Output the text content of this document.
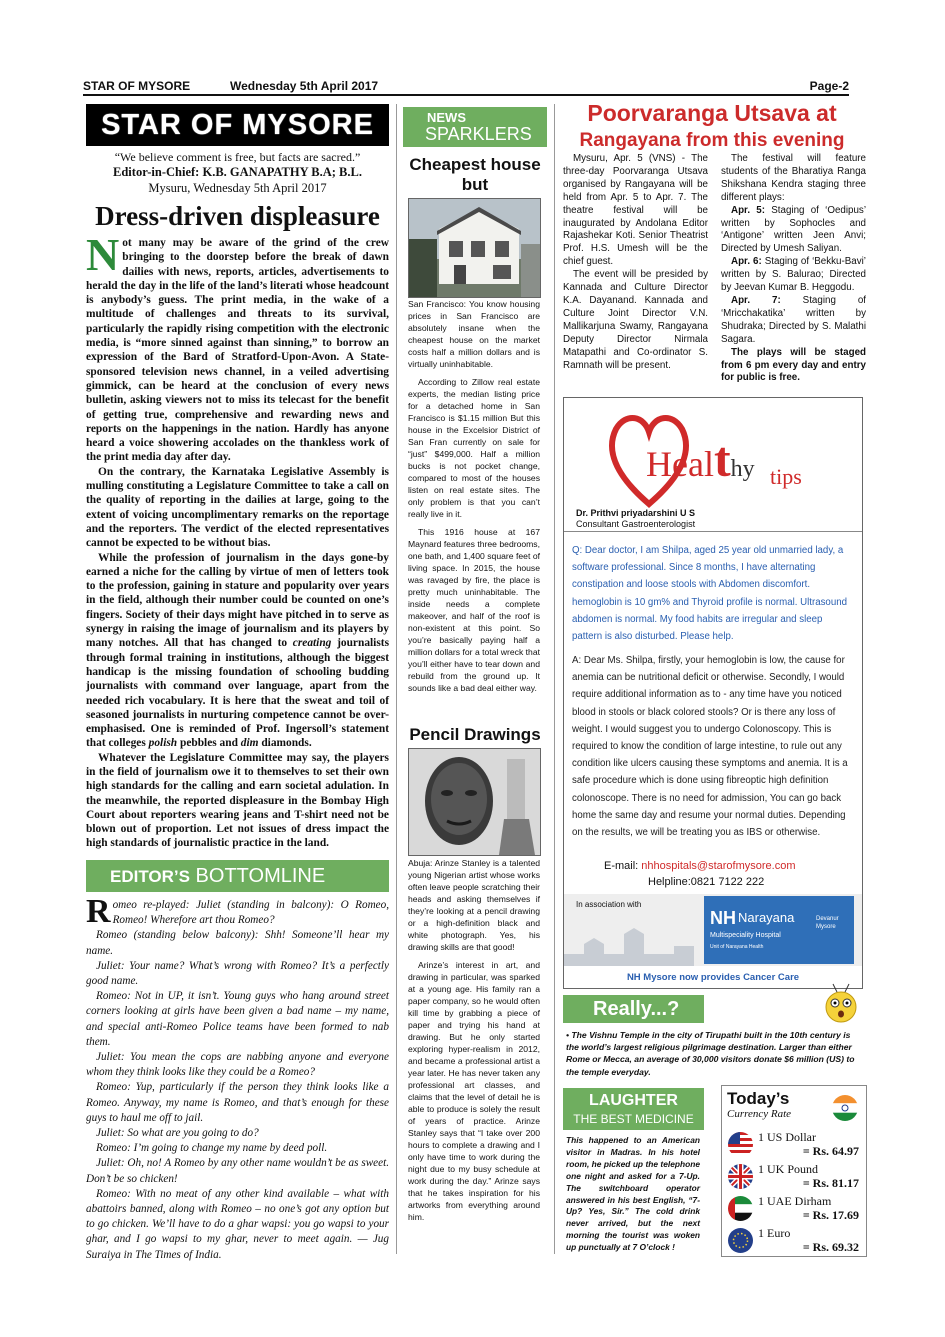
STAR OF MYSORE	Wednesday 5th April 2017	Page-2
STAR OF MYSORE
“We believe comment is free, but facts are sacred.”
Editor-in-Chief: K.B. GANAPATHY B.A; B.L.
Mysuru, Wednesday 5th April 2017
Dress-driven displeasure

Not many may be aware of the grind of the crew bringing to the doorstep before the break of dawn dailies with news, reports, articles, advertisements to herald the day in the life of the land’s literati whose headcount is anybody’s guess. The print media, in the wake of a multitude of challenges and threats to its survival, particularly the rapidly rising competition with the electronic media, is “more sinned against than sinning,” to borrow an expression of the Bard of Stratford-Upon-Avon. A State-sponsored television news channel, in a veiled advertising gimmick, can be heard at the conclusion of every news bulletin, asking viewers not to miss its telecast for the benefit of getting true, comprehensive and rewarding news and reports on the happenings in the nation. Hardly has anyone heard a voice showering accolades on the thankless work of the print media day after day.

On the contrary, the Karnataka Legislative Assembly is mulling constituting a Legislature Committee to take a call on the quality of reporting in the dailies at large, going to the extent of voicing uncomplimentary remarks on the reportage and the reporters. The verdict of the elected representatives cannot be expected to be without bias.

While the profession of journalism in the days gone-by earned a niche for the calling by virtue of men of letters took to the profession, gaining in stature and popularity over years in the field, although their number could be counted on one’s fingers. Society of their days might have pitched in to serve as synergy in raising the image of journalism and its players by many notches. All that has changed to creating journalists through formal training in institutions, although the biggest handicap is the missing foundation of schooling budding journalists with command over language, apart from the needed rich vocabulary. It is here that the sweat and toil of seasoned journalists in nurturing competence cannot be over-emphasised. One is reminded of Prof. Ingersoll’s statement that colleges polish pebbles and dim diamonds.

Whatever the Legislature Committee may say, the players in the field of journalism owe it to themselves to set their own high standards for the calling and earn societal adulation. In the meanwhile, the reported displeasure in the Bombay High Court about reporters wearing jeans and T-shirt need not be blown out of proportion. Let not issues of dress impact the high standards of journalistic practice in the land.

EDITOR’S BOTTOMLINE

Romeo re-played: Juliet (standing in balcony): O Romeo, Romeo! Wherefore art thou Romeo?

Romeo (standing below balcony): Shh! Someone’ll hear my name.

Juliet: Your name? What’s wrong with Romeo? It’s a perfectly good name.

Romeo: Not in UP, it isn’t. Young guys who hang around street corners looking at girls have been given a bad name – my name, and special anti-Romeo Police teams have been formed to nab them.

Juliet: You mean the cops are nabbing anyone and everyone whom they think looks like they could be a Romeo?

Romeo: Yup, particularly if the person they think looks like a Romeo. Anyway, my name is Romeo, and that’s enough for these guys to haul me off to jail.

Juliet: So what are you going to do?

Romeo: I’m going to change my name by deed poll.

Juliet: Oh, no! A Romeo by any other name wouldn’t be as sweet. Don’t be so chicken!

Romeo: With no meat of any other kind available – what with abattoirs banned, along with Romeo – no one’s got any option but to go chicken. We’ll have to do a ghar wapsi: you go wapsi to your ghar, and I go wapsi to my ghar, never to meet again. — Jug Suraiya in The Times of India.

NEWS
SPARKLERS
Cheapest house but

San Francisco: You know housing prices in San Francisco are absolutely insane when the cheapest house on the market costs half a million dollars and is virtually uninhabitable.

According to Zillow real estate experts, the median listing price for a detached home in San Francisco is $1.15 million But this house in the Excelsior District of San Fran currently on sale for “just” $499,000. Half a million bucks is not pocket change, compared to most of the houses listen on real estate sites. The only problem is that you can’t really live in it.

This 1916 house at 167 Maynard features three bedrooms, one bath, and 1,400 square feet of living space. In 2015, the house was ravaged by fire, the place is pretty much uninhabitable. The inside needs a complete makeover, and half of the roof is non-existent at this point. So you’re basically paying half a million dollars for a total wreck that you’ll either have to tear down and rebuild from the ground up. It sounds like a bad deal either way.

Pencil Drawings

Abuja: Arinze Stanley is a talented young Nigerian artist whose works often leave people scratching their heads and asking themselves if they’re looking at a pencil drawing or a high-definition black and white photograph. Yes, his drawing skills are that good!

Arinze’s interest in art, and drawing in particular, was sparked at a young age. His family ran a paper company, so he would often kill time by grabbing a piece of paper and trying his hand at drawing. But he only started exploring hyper-realism in 2012, and became a professional artist a year later. He has never taken any professional art classes, and claims that the level of detail he is able to produce is solely the result of years of practice. Arinze Stanley says that “I take over 200 hours to complete a drawing and I only have time to work during the night due to my busy schedule at work during the day.” Arinze says that he takes inspiration for his artworks from everything around him.

Poorvaranga Utsava at
Rangayana from this evening

Mysuru, Apr. 5 (VNS) - The three-day Poorvaranga Utsava organised by Rangayana will be held from Apr. 5 to Apr. 7. The theatre festival will be inaugurated by Andolana Editor Rajashekar Koti. Senior Theatrist Prof. H.S. Umesh will be the chief guest.

The event will be presided by Kannada and Culture Director K.A. Dayanand. Kannada and Culture Joint Director V.N. Mallikarjuna Swamy, Rangayana Deputy Director Nirmala Matapathi and Co-ordinator S. Ramnath will be present.

The festival will feature students of the Bharatiya Ranga Shikshana Kendra staging three different plays:

Apr. 5: Staging of ‘Oedipus’ written by Sophocles and ‘Antigone’ written Jeen Anvi; Directed by Umesh Saliyan.

Apr. 6: Staging of ‘Bekku-Bavi’ written by S. Balurao; Directed by Jeevan Kumar B. Heggodu.

Apr. 7: Staging of ‘Mricchakatika’ written by Shudraka; Directed by S. Malathi Sagara.

The plays will be staged from 6 pm every day and entry for public is free.

Healthy tips
Dr. Prithvi priyadarshini U S
Consultant Gastroenterologist
Q: Dear doctor, I am Shilpa, aged 25 year old unmarried lady, a software professional. Since 8 months, I have alternating constipation and loose stools with Abdomen discomfort. hemoglobin is 10 gm% and Thyroid profile is normal. Ultrasound abdomen is normal. My food habits are irregular and sleep pattern is also disturbed. Please help.
A: Dear Ms. Shilpa, firstly, your hemoglobin is low, the cause for anemia can be nutritional deficit or otherwise. Secondly, I would require additional information as to - any time have you noticed blood in stools or black colored stools? Or is there any loss of weight. I would suggest you to undergo Colonoscopy. This is required to know the condition of large intestine, to rule out any condition like ulcers causing these symptoms and anemia. It is a safe procedure which is done using fibreoptic high definition colonoscope. There is no need for admission, You can go back home the same day and resume your normal duties. Depending on the results, we will be treating you as IBS or otherwise.
E-mail: nhhospitals@starofmysore.com
Helpline:0821 7122 222
In association with
NH Narayana
Multispeciality Hospital
Unit of Narayana Health
Devanur
Mysore
NH Mysore now provides Cancer Care
Really...?
• The Vishnu Temple in the city of Tirupathi built in the 10th century is the world’s largest religious pilgrimage destination. Larger than either Rome or Mecca, an average of 30,000 visitors donate $6 million (US) to the temple everyday.
LAUGHTER
THE BEST MEDICINE
This happened to an American visitor in Madras. In his hotel room, he picked up the telephone one night and asked for a 7-Up. The switchboard operator answered in his best English, “7-Up? Yes, Sir.” The cold drink never arrived, but the next morning the tourist was woken up punctually at 7 O’clock !
Today’s
Currency Rate
1 US Dollar
= Rs. 64.97
1 UK Pound
= Rs. 81.17
1 UAE Dirham
= Rs. 17.69
1 Euro
= Rs. 69.32
